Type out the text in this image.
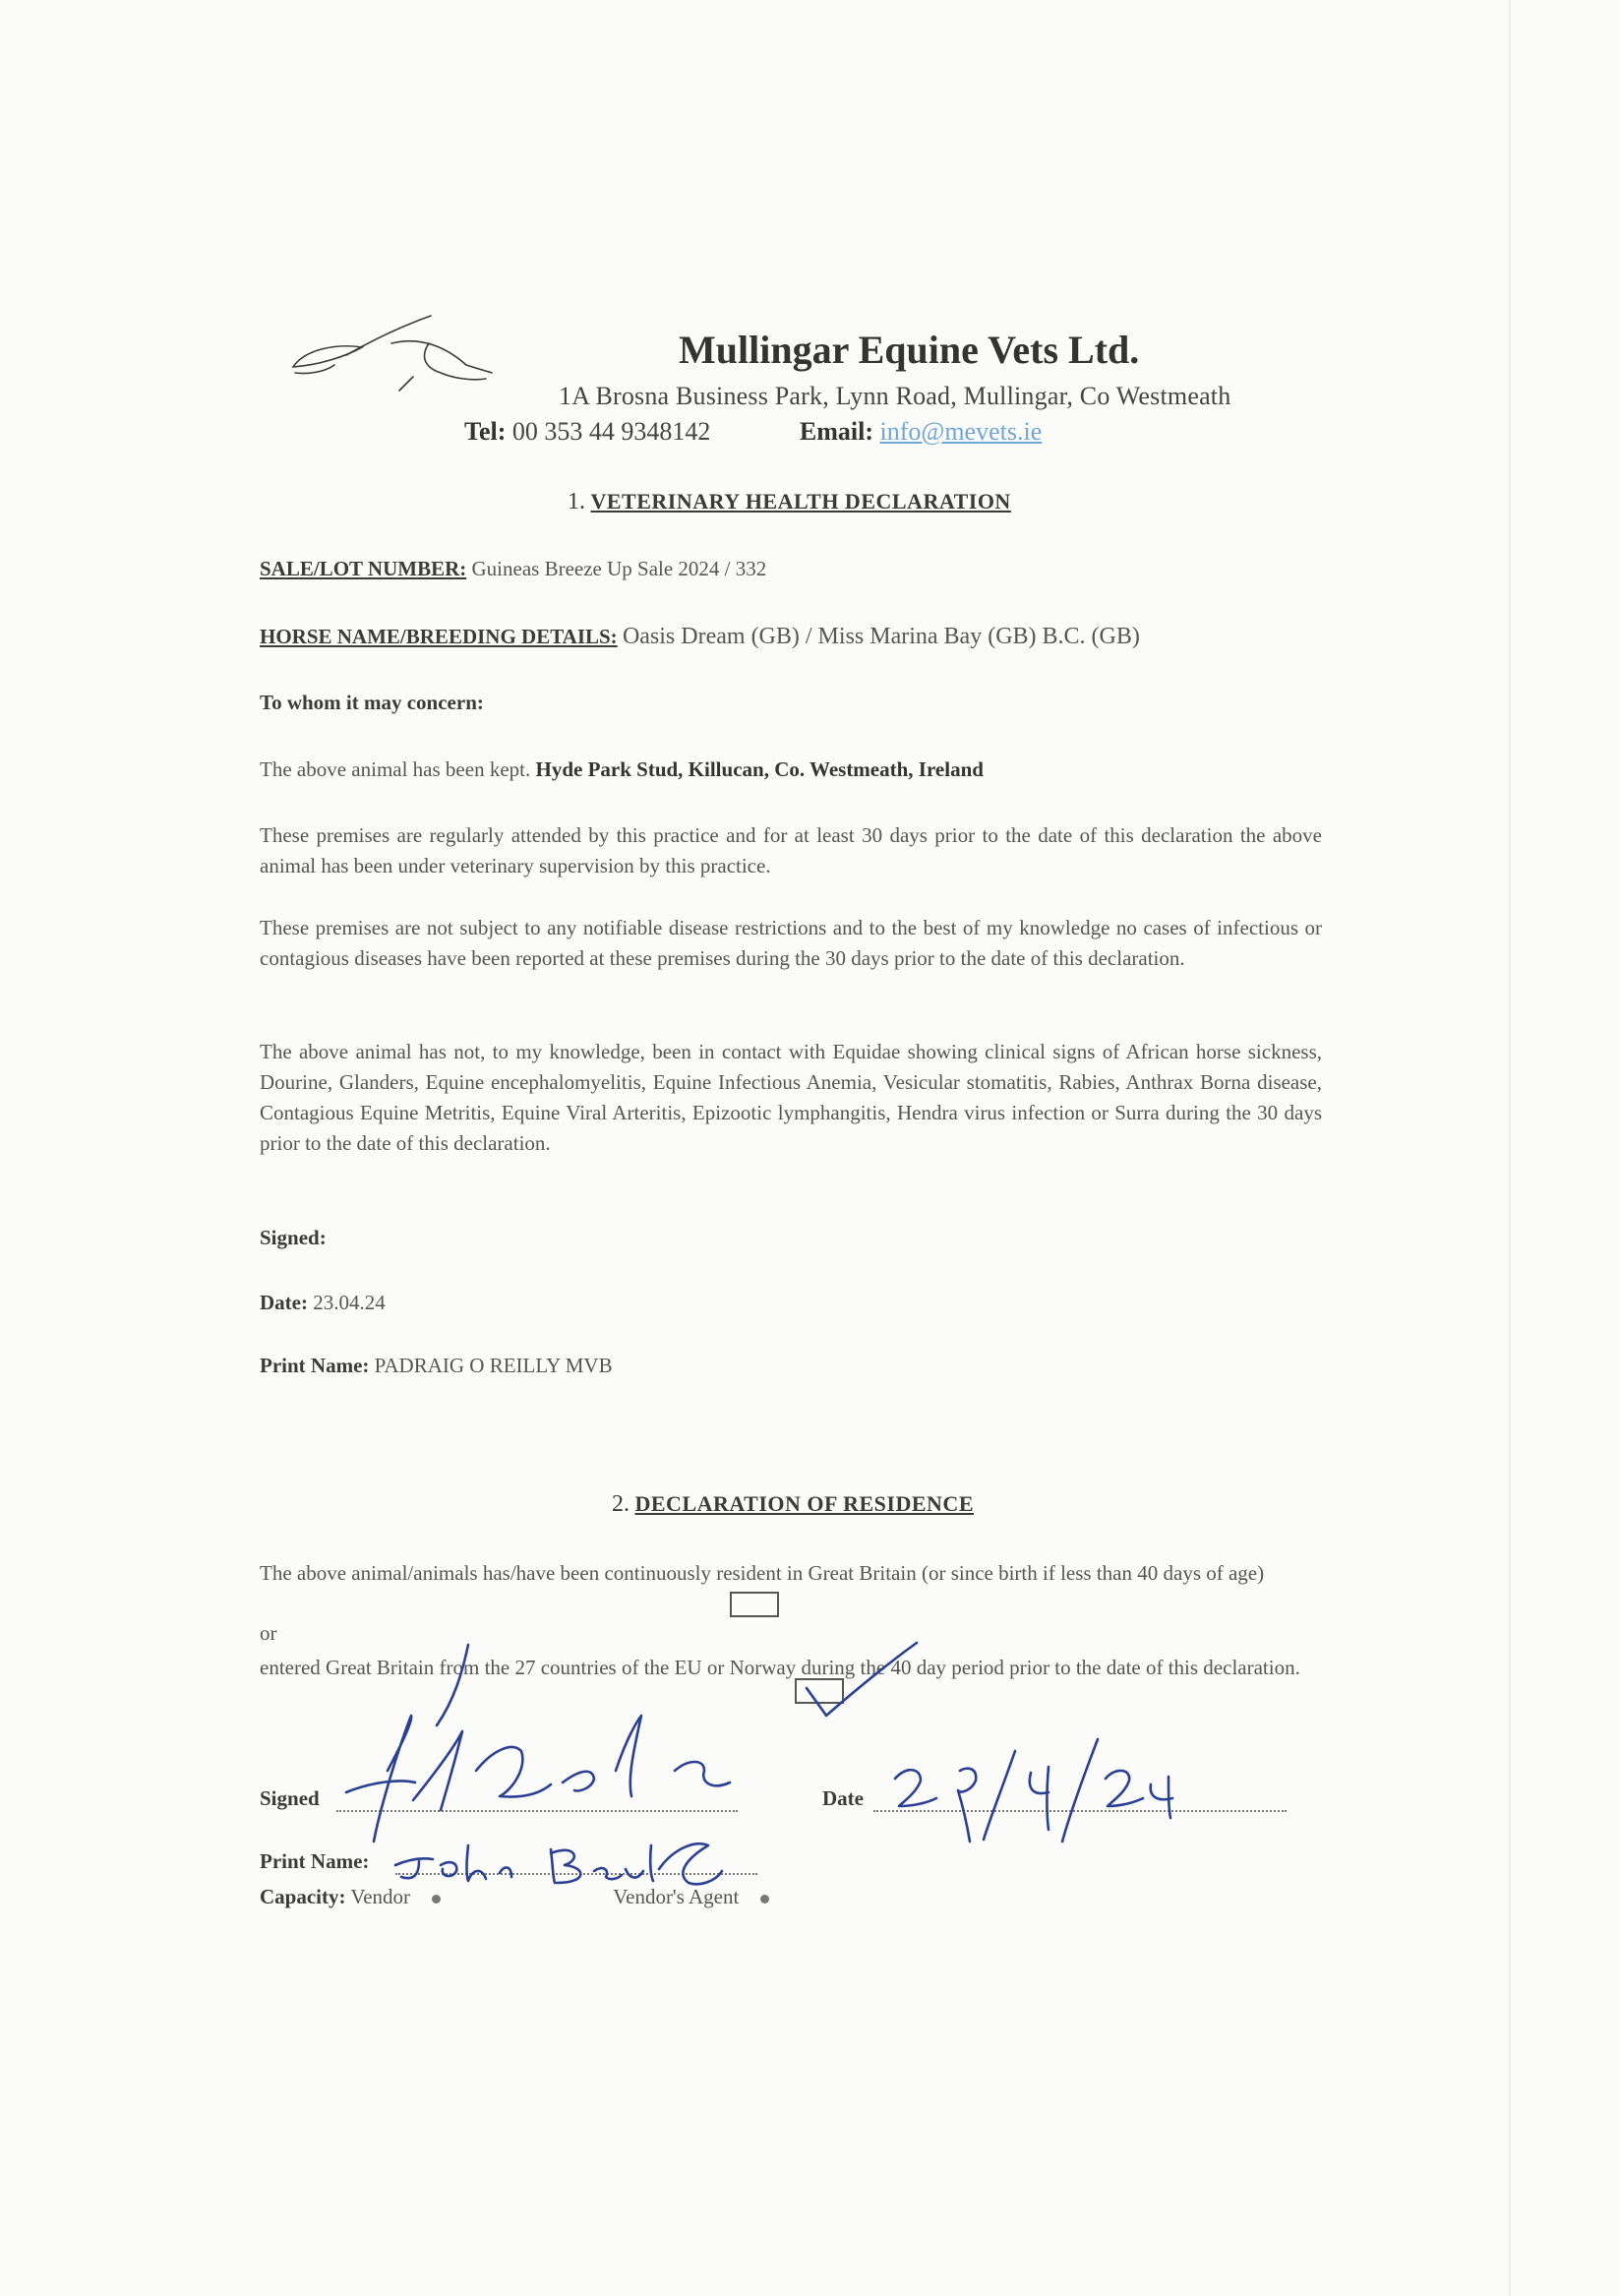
Mullingar Equine Vets Ltd.
1A Brosna Business Park, Lynn Road, Mullingar, Co Westmeath
Tel: 00 353 44 9348142	Email: info@mevets.ie
1. VETERINARY HEALTH DECLARATION
SALE/LOT NUMBER: Guineas Breeze Up Sale 2024 / 332
HORSE NAME/BREEDING DETAILS: Oasis Dream (GB) / Miss Marina Bay (GB) B.C. (GB)
To whom it may concern:
The above animal has been kept. Hyde Park Stud, Killucan, Co. Westmeath, Ireland

These premises are regularly attended by this practice and for at least 30 days prior to the date of this declaration the above animal has been under veterinary supervision by this practice.

These premises are not subject to any notifiable disease restrictions and to the best of my knowledge no cases of infectious or contagious diseases have been reported at these premises during the 30 days prior to the date of this declaration.

The above animal has not, to my knowledge, been in contact with Equidae showing clinical signs of African horse sickness, Dourine, Glanders, Equine encephalomyelitis, Equine Infectious Anemia, Vesicular stomatitis, Rabies, Anthrax Borna disease, Contagious Equine Metritis, Equine Viral Arteritis, Epizootic lymphangitis, Hendra virus infection or Surra during the 30 days prior to the date of this declaration.

Signed:
Date: 23.04.24
Print Name: PADRAIG O REILLY MVB
2. DECLARATION OF RESIDENCE

The above animal/animals has/have been continuously resident in Great Britain (or since birth if less than 40 days of age)

or

entered Great Britain from the 27 countries of the EU or Norway during the 40 day period prior to the date of this declaration.

Signed	Date
Print Name:
Capacity: Vendor	Vendor's Agent
